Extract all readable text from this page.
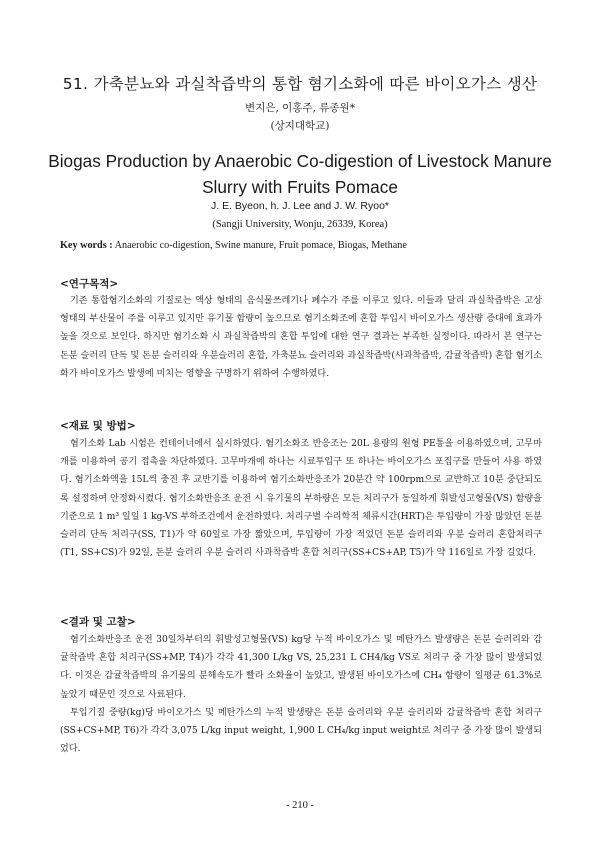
51. 가축분뇨와 과실착즙박의 통합 혐기소화에 따른 바이오가스 생산
변지은, 이홍주, 류종원*
(상지대학교)
Biogas Production by Anaerobic Co-digestion of Livestock Manure
Slurry with Fruits Pomace
J. E. Byeon, h. J. Lee and J. W. Ryoo*
(Sangji University, Wonju, 26339, Korea)
Key words : Anaerobic co-digestion, Swine manure, Fruit pomace, Biogas, Methane
<연구목적>

기존 통합혐기소화의 기질로는 액상 형태의 음식물쓰레기나 폐수가 주를 이루고 있다. 이들과 달리 과실착즙박은 고상 형태의 부산물이 주를 이루고 있지만 유기물 함량이 높으므로 혐기소화조에 혼합 투입시 바이오가스 생산량 증대에 효과가 높을 것으로 보인다. 하지만 혐기소화 시 과실착즙박의 혼합 투입에 대한 연구 결과는 부족한 실정이다. 따라서 본 연구는 돈분 슬러리 단독 및 돈분 슬러리와 우분슬러리 혼합, 가축분뇨 슬러리와 과실착즙박(사과착즙박, 감귤착즙박) 혼합 혐기소화가 바이오가스 발생에 미치는 영향을 구명하기 위하여 수행하였다.

<재료 및 방법>

혐기소화 Lab 시험은 컨테이너에서 실시하였다. 혐기소화조 반응조는 20L 용량의 원형 PE통을 이용하였으며, 고무마개를 이용하여 공기 접촉을 차단하였다. 고무마개에 하나는 시료투입구 또 하나는 바이오가스 포집구를 만들어 사용 하였다. 혐기소화액을 15L씩 충진 후 교반기를 이용하여 혐기소화반응조가 20분간 약 100rpm으로 교반하고 10분 중단되도록 설정하여 안정화시켰다. 혐기소화반응조 운전 시 유기물의 부하량은 모든 처리구가 동일하게 휘발성고형물(VS) 함량을 기준으로 1 m³ 일일 1 kg-VS 부하조건에서 운전하였다. 처리구별 수리학적 체류시간(HRT)은 투입량이 가장 많았던 돈분 슬러리 단독 처리구(SS, T1)가 약 60일로 가장 짧았으며, 투입량이 가장 적었던 돈분 슬러리와 우분 슬러리 혼합처리구(T1, SS+CS)가 92일, 돈분 슬러리 우분 슬러리 사과착즙박 혼합 처리구(SS+CS+AP, T5)가 약 116일로 가장 길었다.

<결과 및 고찰>

혐기소화반응조 운전 30일차부터의 휘발성고형물(VS) kg당 누적 바이오가스 및 메탄가스 발생량은 돈분 슬러리와 감귤착즙박 혼합 처리구(SS+MP, T4)가 각각 41,300 L/kg VS, 25,231 L CH4/kg VS로 처리구 중 가장 많이 발생되었다. 이것은 감귤착즙박의 유기물의 분해속도가 빨라 소화율이 높았고, 발생된 바이오가스에 CH₄ 함량이 일평균 61.3%로 높았기 때문인 것으로 사료된다.

투입기질 중량(kg)당 바이오가스 및 메탄가스의 누적 발생량은 돈분 슬러리와 우분 슬러리와 감귤착즙박 혼합 처리구(SS+CS+MP, T6)가 각각 3,075 L/kg input weight, 1,900 L CH₄/kg input weight로 처리구 중 가장 많이 발생되었다.

- 210 -
